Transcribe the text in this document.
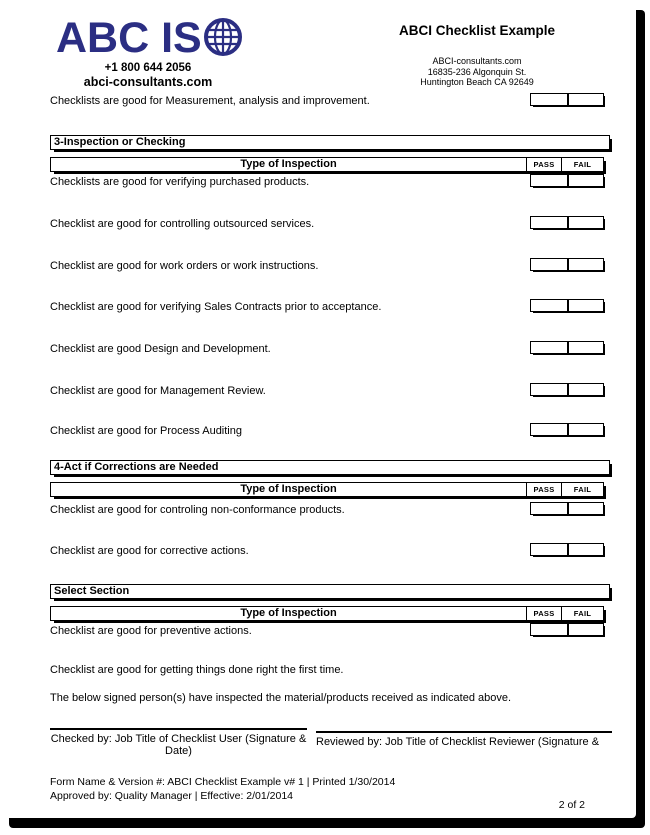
ABC IS
+1 800 644 2056
abci-consultants.com
ABCI Checklist Example
ABCI-consultants.com
16835-236 Algonquin St.
Huntington Beach CA 92649
Checklists are good for Measurement, analysis and improvement.
3-Inspection or Checking
Type of Inspection	PASS	FAIL
Checklists are good for verifying purchased products.
Checklist are good for controlling outsourced services.
Checklist are good for work orders or work instructions.
Checklist are good for verifying Sales Contracts prior to acceptance.
Checklist are good Design and Development.
Checklist are good for Management Review.
Checklist are good for Process Auditing
4-Act if Corrections are Needed
Type of Inspection	PASS	FAIL
Checklist are good for controling non-conformance products.
Checklist are good for corrective actions.
Select Section
Type of Inspection	PASS	FAIL
Checklist are good for preventive actions.
Checklist are good for getting things done right the first time.
The below signed person(s) have inspected the material/products received as indicated above.
Checked by: Job Title of Checklist User (Signature & Date)
Reviewed by: Job Title of Checklist Reviewer (Signature &
Form Name & Version #: ABCI Checklist Example v# 1 | Printed 1/30/2014
Approved by: Quality Manager | Effective: 2/01/2014
2 of 2
